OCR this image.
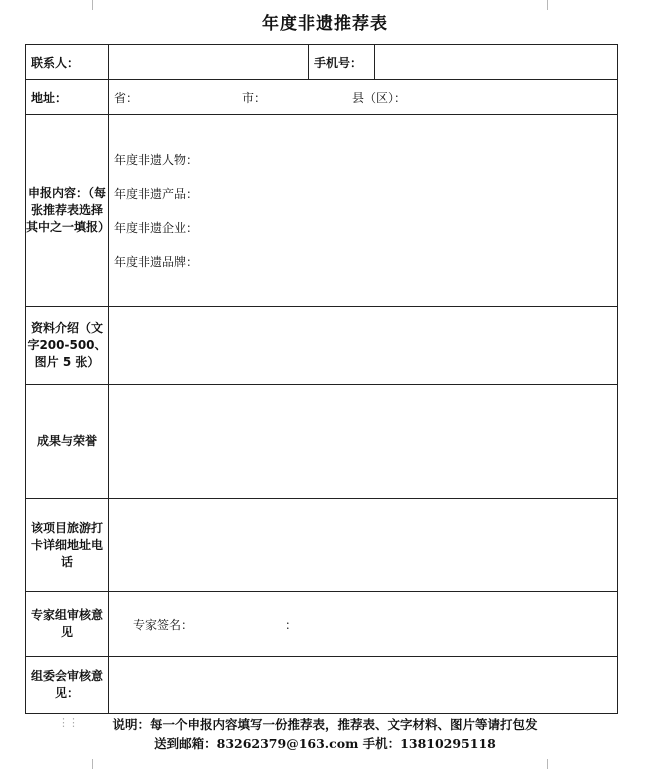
年度非遗推荐表
联系人：		手机号：	
地址：	省： 市： 县（区）：		
申报内容：（每张推荐表选择其中之一填报）	年度非遗人物：
年度非遗产品：
年度非遗企业：
年度非遗品牌：		

资料介绍（文字200-500、图片 5 张）			
成果与荣誉			
该项目旅游打卡详细地址电话			
专家组审核意见	专家签名： ：		
组委会审核意见：			
⋮⋮	说明：每一个申报内容填写一份推荐表，推荐表、文字材料、图片等请打包发
送到邮箱：83262379@163.com 手机：13810295118
